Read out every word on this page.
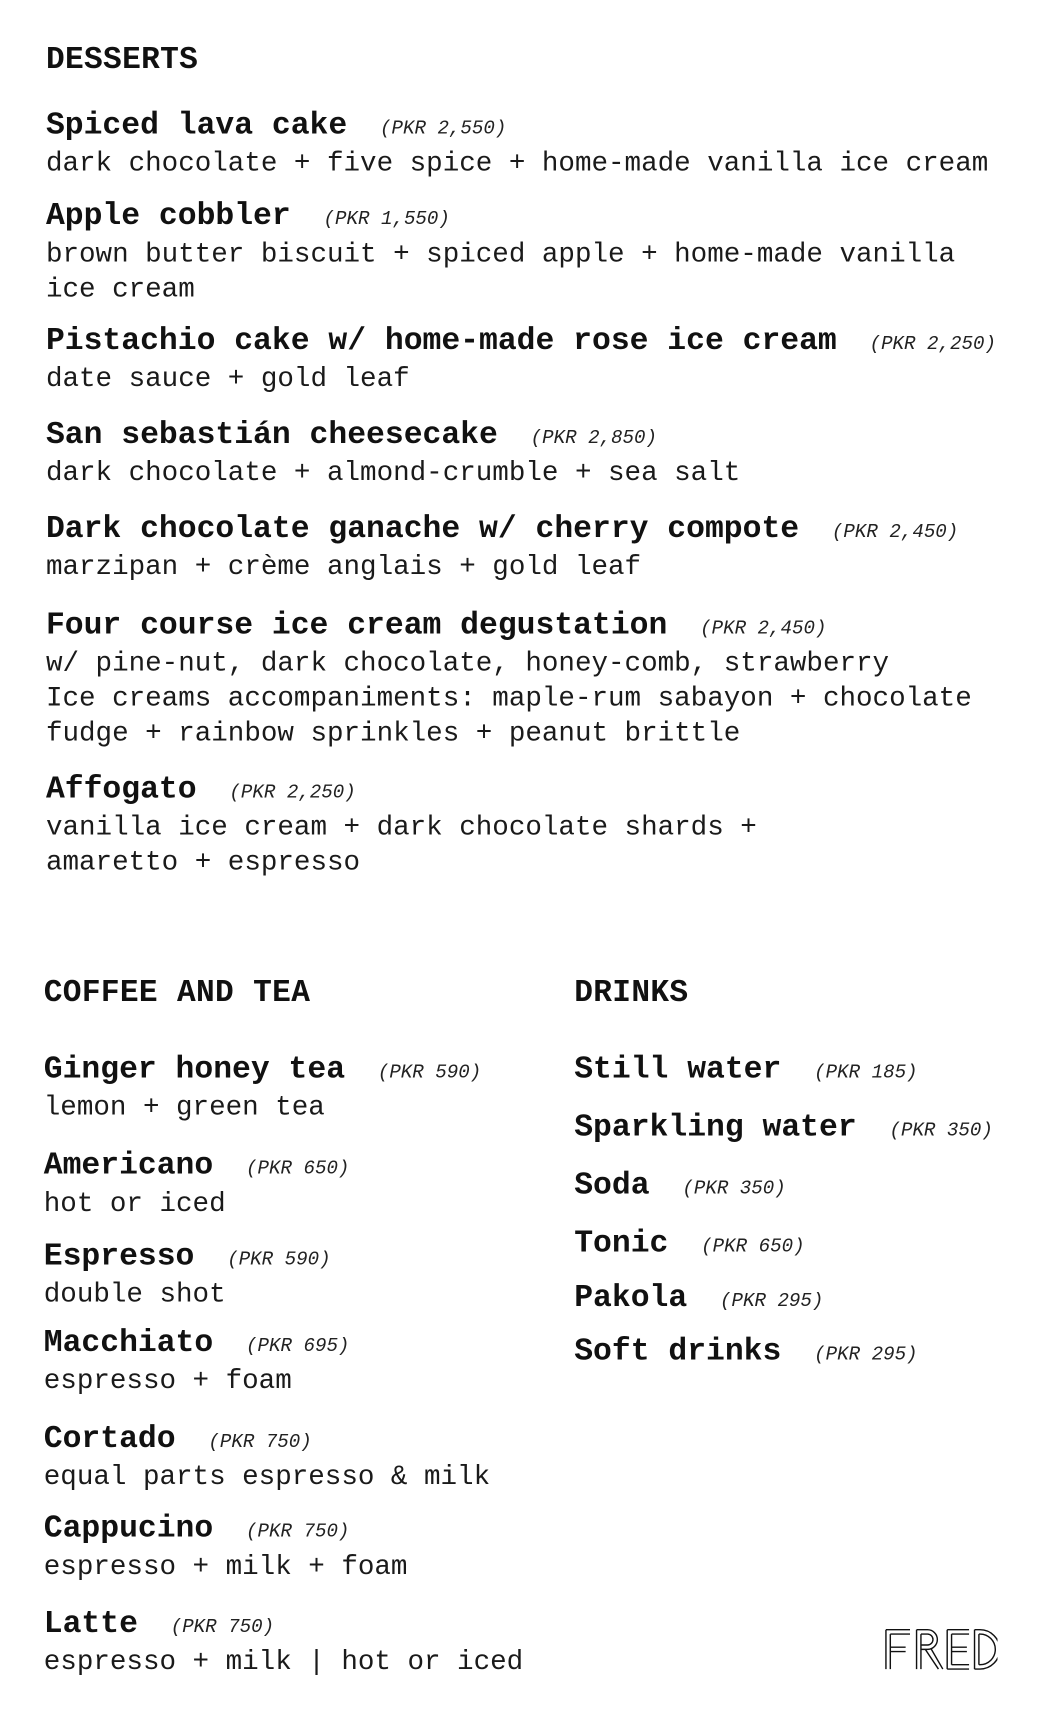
DESSERTS
COFFEE AND TEA	DRINKS
Spiced lava cake (PKR 2,550)
dark chocolate + five spice + home-made vanilla ice cream
Apple cobbler (PKR 1,550)
brown butter biscuit + spiced apple + home-made vanilla
ice cream
Pistachio cake w/ home-made rose ice cream (PKR 2,250)
date sauce + gold leaf
San sebastián cheesecake (PKR 2,850)
dark chocolate + almond-crumble + sea salt
Dark chocolate ganache w/ cherry compote (PKR 2,450)
marzipan + crème anglais + gold leaf
Four course ice cream degustation (PKR 2,450)
w/ pine-nut, dark chocolate, honey-comb, strawberry
Ice creams accompaniments: maple-rum sabayon + chocolate
fudge + rainbow sprinkles + peanut brittle
Affogato (PKR 2,250)
vanilla ice cream + dark chocolate shards +
amaretto + espresso
Ginger honey tea (PKR 590)
lemon + green tea
Americano (PKR 650)
hot or iced
Espresso (PKR 590)
double shot
Macchiato (PKR 695)
espresso + foam
Cortado (PKR 750)
equal parts espresso & milk
Cappucino (PKR 750)
espresso + milk + foam
Latte (PKR 750)
espresso + milk | hot or iced
Still water (PKR 185)
Sparkling water (PKR 350)
Soda (PKR 350)
Tonic (PKR 650)
Pakola (PKR 295)
Soft drinks (PKR 295)
